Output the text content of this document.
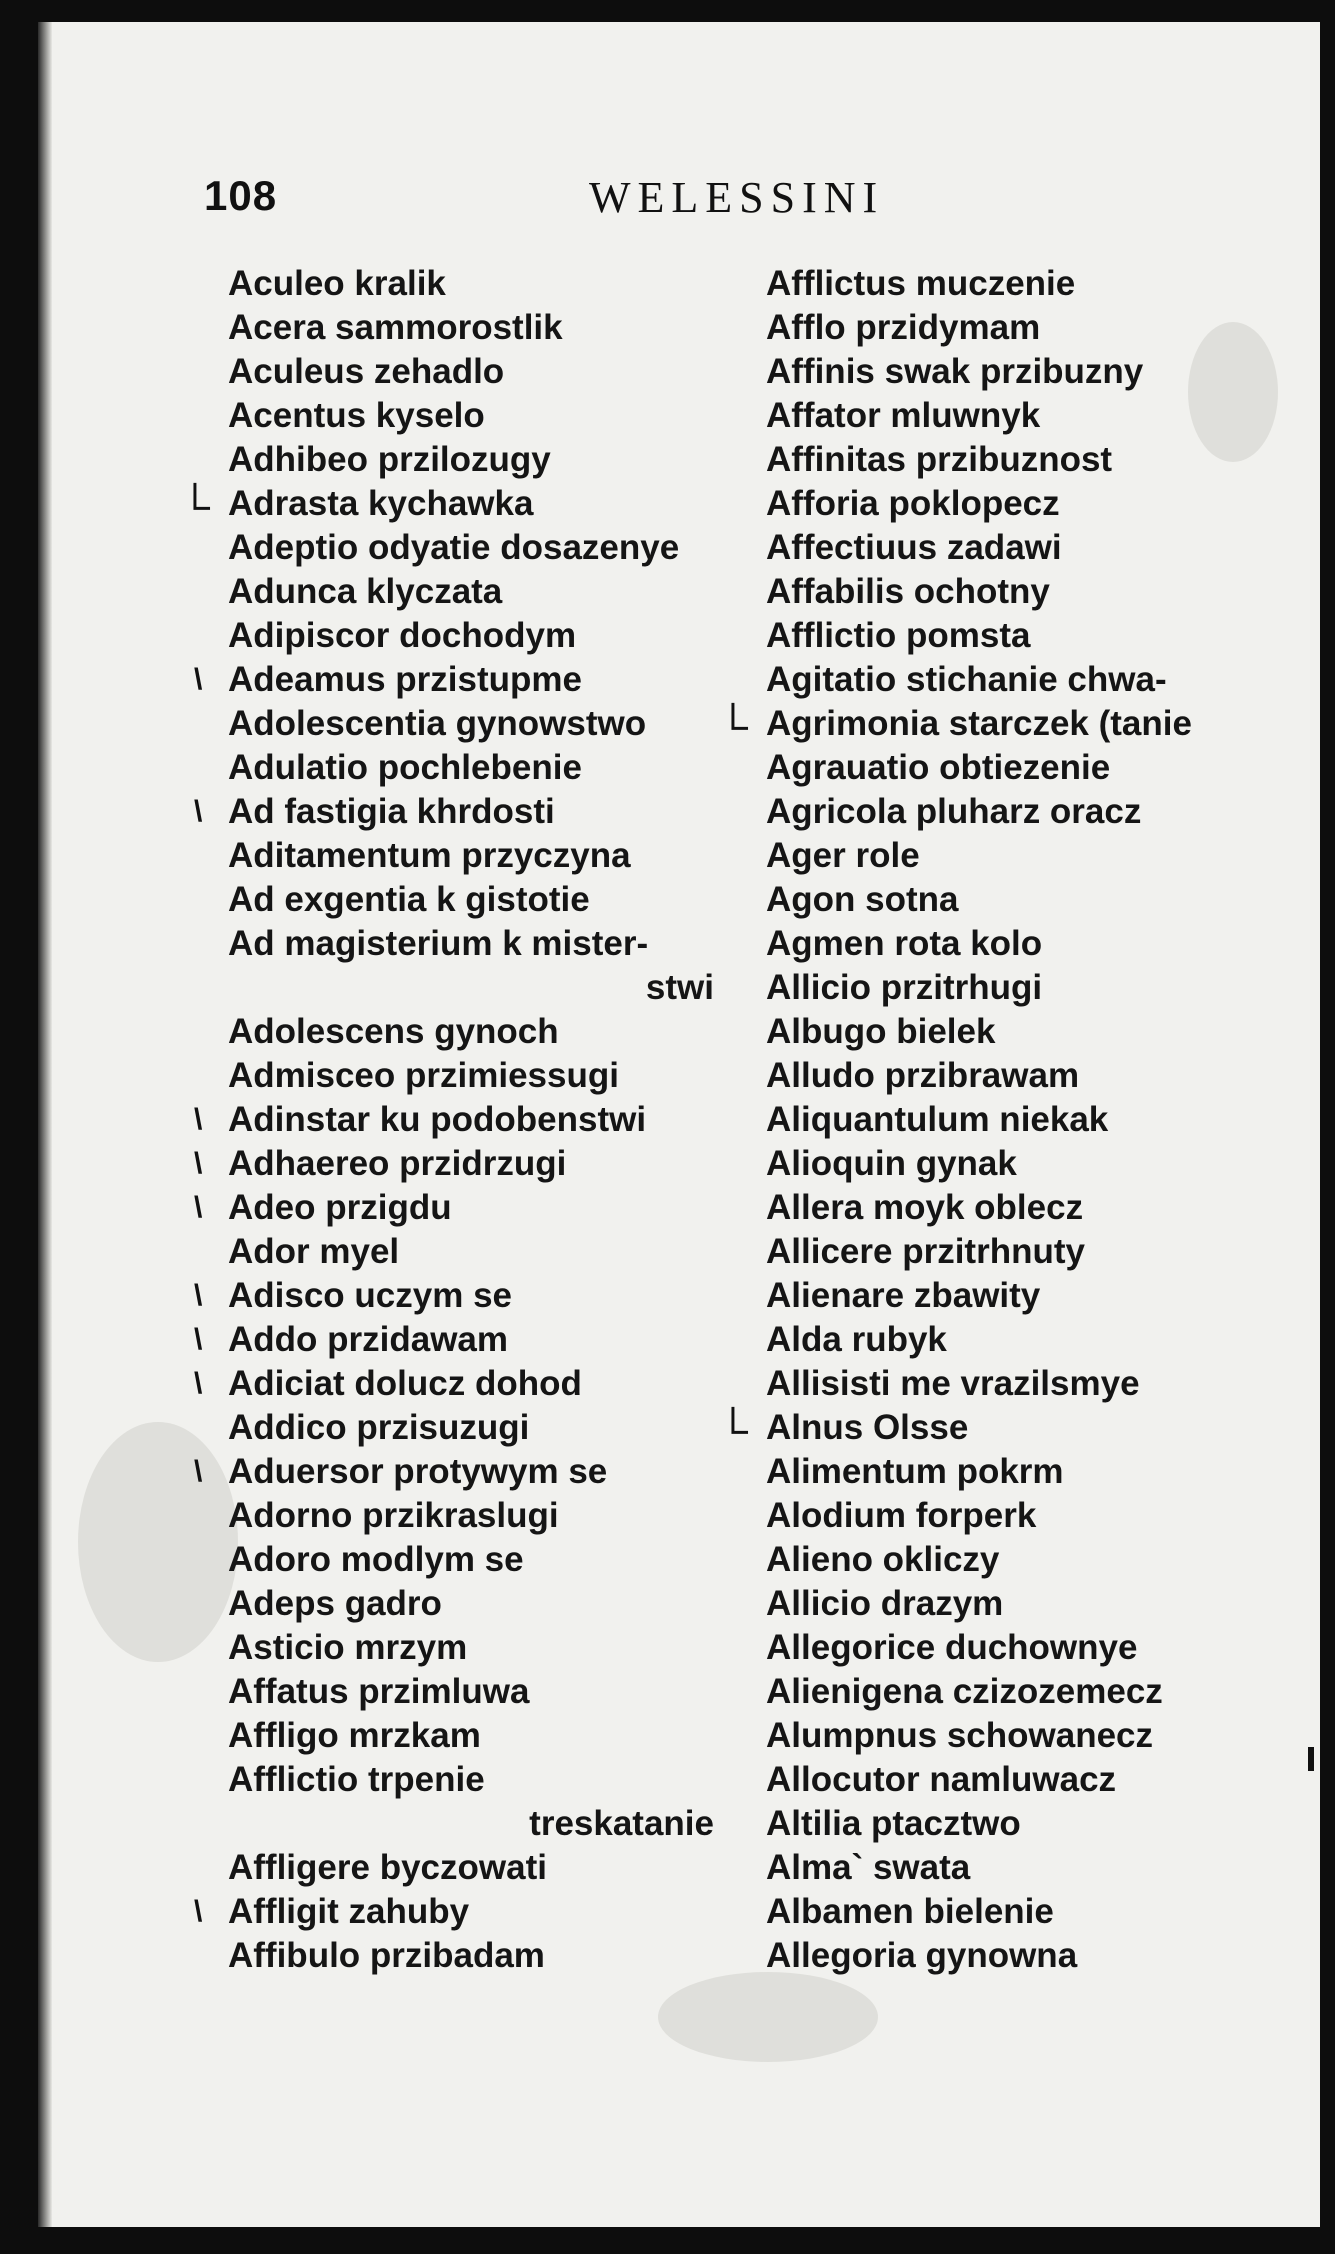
108	WELESSINI
Aculeo kralik
Acera sammorostlik
Aculeus zehadlo
Acentus kyselo
Adhibeo przilozugy
└ Adrasta kychawka
Adeptio odyatie dosazenye
Adunca klyczata
Adipiscor dochodym
\ Adeamus przistupme
Adolescentia gynowstwo
Adulatio pochlebenie
\ Ad fastigia khrdosti
Aditamentum przyczyna
Ad exgentia k gistotie
Ad magisterium k mister-
stwi
Adolescens gynoch
Admisceo przimiessugi
\ Adinstar ku podobenstwi
\ Adhaereo przidrzugi
\ Adeo przigdu
Ador myel
\ Adisco uczym se
\ Addo przidawam
\ Adiciat dolucz dohod
Addico przisuzugi
\ Aduersor protywym se
Adorno przikraslugi
Adoro modlym se
Adeps gadro
Asticio mrzym
Affatus przimluwa
Affligo mrzkam
Afflictio trpenie
treskatanie
Affligere byczowati
\ Affligit zahuby
Affibulo przibadam
Afflictus muczenie
Afflo przidymam
Affinis swak przibuzny
Affator mluwnyk
Affinitas przibuznost
Afforia poklopecz
Affectiuus zadawi
Affabilis ochotny
Afflictio pomsta
Agitatio stichanie chwa-
└ Agrimonia starczek (tanie
Agrauatio obtiezenie
Agricola pluharz oracz
Ager role
Agon sotna
Agmen rota kolo
Allicio przitrhugi
Albugo bielek
Alludo przibrawam
Aliquantulum niekak
Alioquin gynak
Allera moyk oblecz
Allicere przitrhnuty
Alienare zbawity
Alda rubyk
Allisisti me vrazilsmye
└ Alnus Olsse
Alimentum pokrm
Alodium forperk
Alieno okliczy
Allicio drazym
Allegorice duchownye
Alienigena czizozemecz
Alumpnus schowanecz
Allocutor namluwacz
Altilia ptacztwo
Alma` swata
Albamen bielenie
Allegoria gynowna
